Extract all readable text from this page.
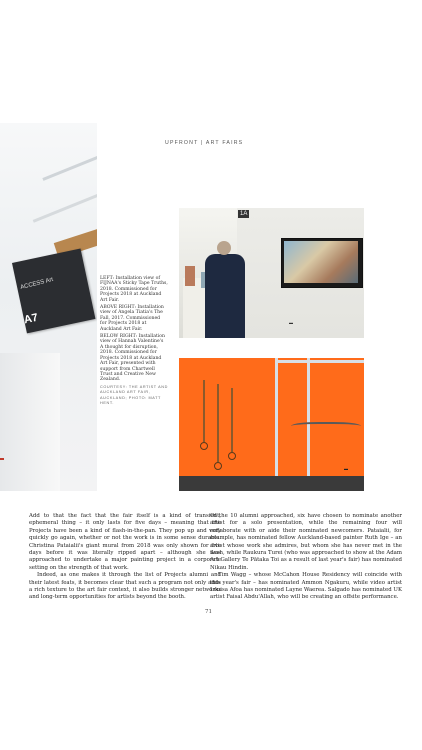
UPFRONT | ART FAIRS
ACCESS Art
A7

LEFT: Installation view of FIJNAA's Sticky Tape Truths, 2018. Commissioned for Projects 2018 at Auckland Art Fair.

ABOVE RIGHT: Installation view of Angela Tiatia's The Fall, 2017. Commissioned for Projects 2018 at Auckland Art Fair.

BELOW RIGHT: Installation view of Hannah Valentine's A thought for disruption, 2018. Commissioned for Projects 2018 at Auckland Art Fair, presented with support from Chartwell Trust and Creative New Zealand.

COURTESY: THE ARTIST AND AUCKLAND ART FAIR, AUCKLAND; PHOTO: MATT HENT.

1A
▬
▬

Add to that the fact that the fair itself is a kind of transient, ephemeral thing – it only lasts for five days – meaning that the Projects have been a kind of flash-in-the-pan. They pop up and very quickly go again, whether or not the work is in some sense durable. Christina Pataialii's giant mural from 2018 was only shown for five days before it was literally ripped apart – although she was approached to undertake a major painting project in a corporate setting on the strength of that work.

Indeed, as one makes it through the list of Projects alumni and their latest feats, it becomes clear that such a program not only adds a rich texture to the art fair context, it also builds stronger networks and long-term opportunities for artists beyond the booth.

Of the 10 alumni approached, six have chosen to nominate another artist for a solo presentation, while the remaining four will collaborate with or aide their nominated newcomers. Pataialii, for example, has nominated fellow Auckland-based painter Ruth Ige – an artist whose work she admires, but whom she has never met in the flesh, while Raukura Turei (who was approached to show at the Adam Art Gallery Te Pātaka Toi as a result of last year's fair) has nominated Nikau Hindin.

Tim Wagg – whose McCahon House Residency will coincide with this year's fair – has nominated Ammon Ngakuru, while video artist Louisa Afoa has nominated Layne Waerea. Salgado has nominated UK artist Faisal Abdu'Allah, who will be creating an offsite performance.

71
